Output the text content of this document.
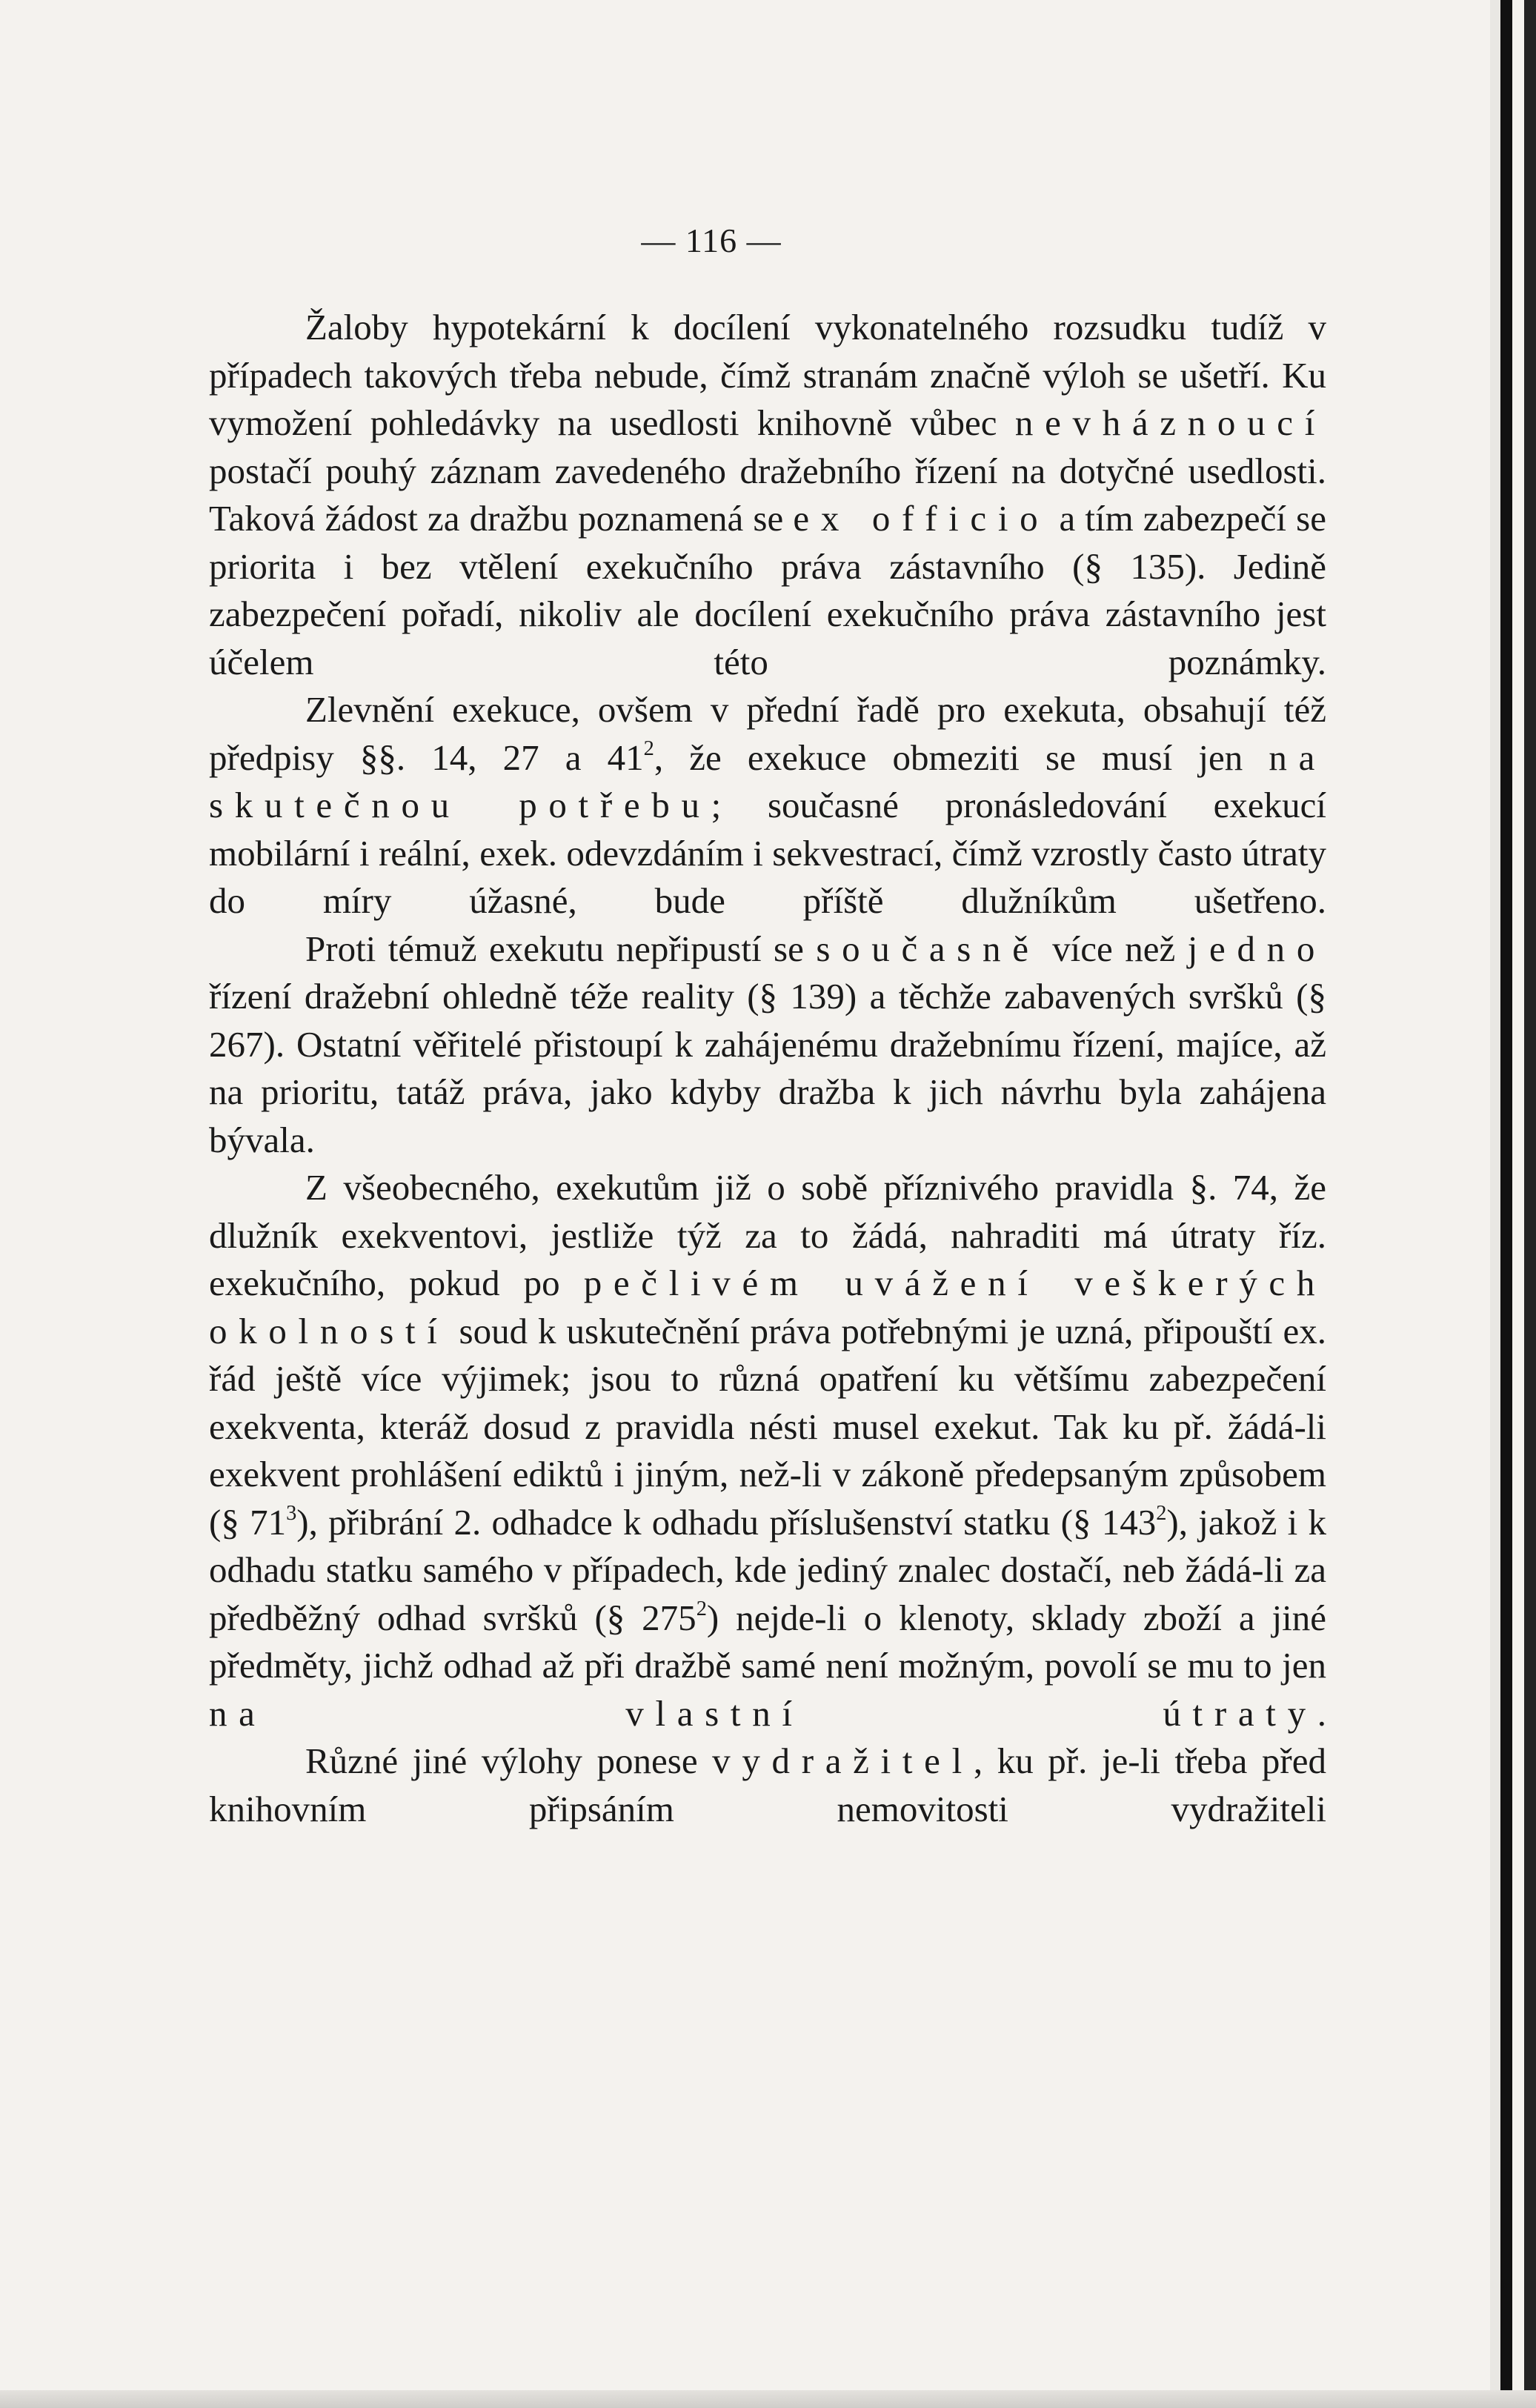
— 116 —

Žaloby hypotekární k docílení vykonatelného rozsudku tudíž v případech takových třeba nebude, čímž stranám značně výloh se ušetří. Ku vymožení pohledávky na usedlosti knihovně vůbec nevháznoucí postačí pouhý záznam zavedeného dražebního řízení na dotyčné usedlosti. Taková žádost za dražbu poznamená se ex officio a tím zabezpečí se priorita i bez vtělení exekučního práva zástavního (§ 135). Jedině zabezpečení pořadí, nikoliv ale docílení exekučního práva zástavního jest účelem této poznámky.

Zlevnění exekuce, ovšem v přední řadě pro exekuta, obsahují též předpisy §§. 14, 27 a $41^2$, že exekuce obmeziti se musí jen na skutečnou potřebu; současné pronásledování exekucí mobilární i reální, exek. odevzdáním i sekvestrací, čímž vzrostly často útraty do míry úžasné, bude příště dlužníkům ušetřeno.

Proti témuž exekutu nepřipustí se současně více než jedno řízení dražební ohledně téže reality (§ 139) a těchže zabavených svršků (§ 267). Ostatní věřitelé přistoupí k zahájenému dražebnímu řízení, majíce, až na prioritu, tatáž práva, jako kdyby dražba k jich návrhu byla zahájena bývala.

Z všeobecného, exekutům již o sobě příznivého pravidla §. 74, že dlužník exekventovi, jestliže týž za to žádá, nahraditi má útraty říz. exekučního, pokud po pečlivém uvážení veškerých okolností soud k uskutečnění práva potřebnými je uzná, připouští ex. řád ještě více výjimek; jsou to různá opatření ku většímu zabezpečení exekventa, kteráž dosud z pravidla nésti musel exekut. Tak ku př. žádá-li exekvent prohlášení ediktů i jiným, než-li v zákoně předepsaným způsobem (§ $71^3$), přibrání 2. odhadce k odhadu příslušenství statku (§ $143^2$), jakož i k odhadu statku samého v případech, kde jediný znalec dostačí, neb žádá-li za předběžný odhad svršků (§ $275^2$) nejde-li o klenoty, sklady zboží a jiné předměty, jichž odhad až při dražbě samé není možným, povolí se mu to jen na vlastní útraty.

Různé jiné výlohy ponese vydražitel, ku př. je-li třeba před knihovním připsáním nemovitosti vydražiteli
